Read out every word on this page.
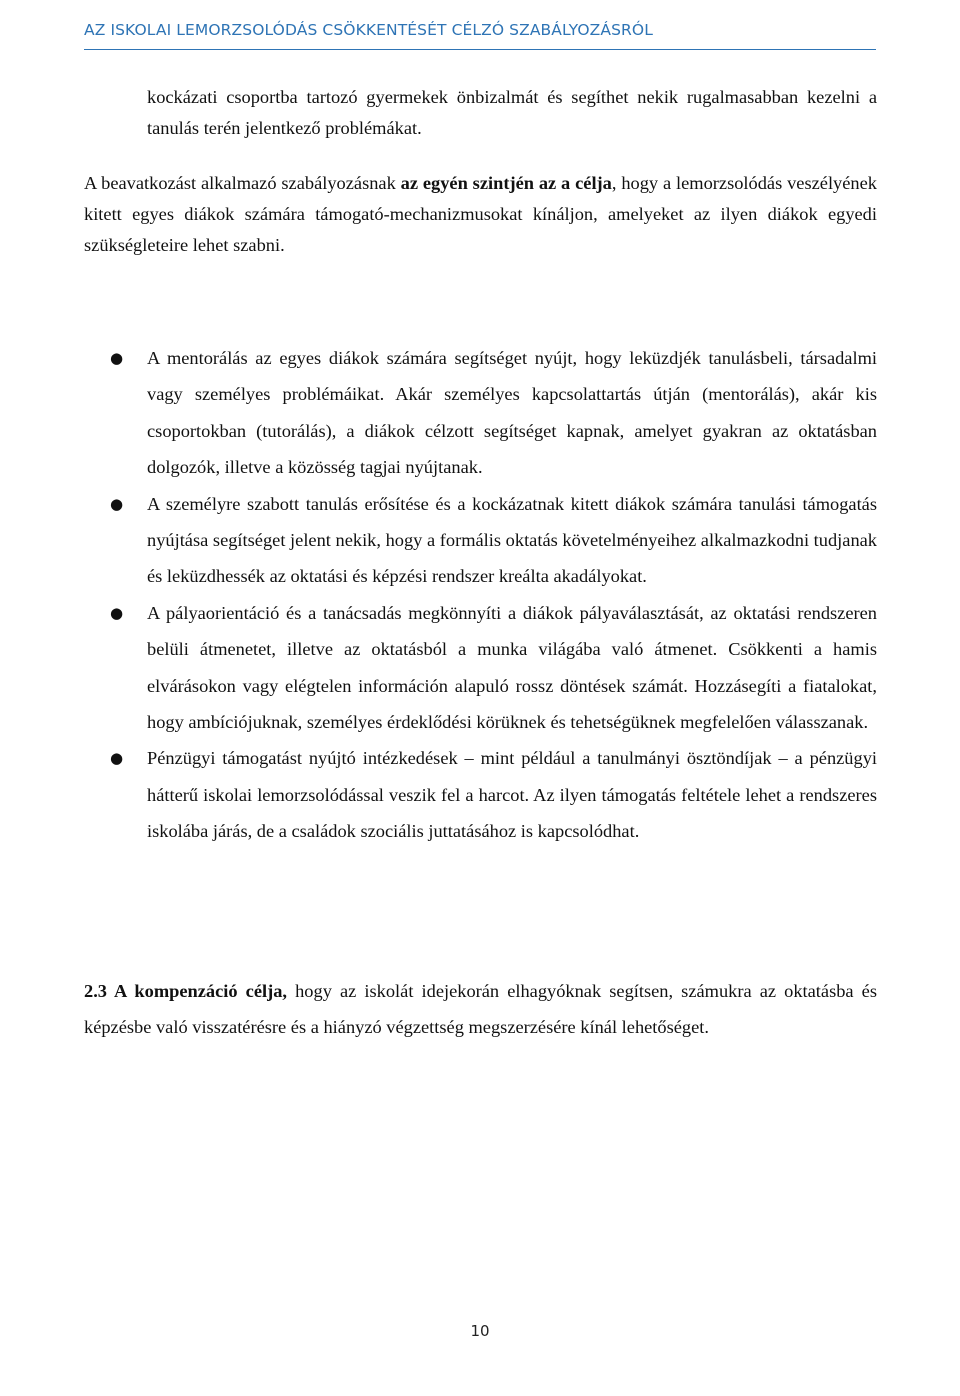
AZ ISKOLAI LEMORZSOLÓDÁS CSÖKKENTÉSÉT CÉLZÓ SZABÁLYOZÁSRÓL

kockázati csoportba tartozó gyermekek önbizalmát és segíthet nekik rugalmasabban kezelni a tanulás terén jelentkező problémákat.

A beavatkozást alkalmazó szabályozásnak az egyén szintjén az a célja, hogy a lemorzsolódás veszélyének kitett egyes diákok számára támogató-mechanizmusokat kínáljon, amelyeket az ilyen diákok egyedi szükségleteire lehet szabni.

● A mentorálás az egyes diákok számára segítséget nyújt, hogy leküzdjék tanulásbeli, társadalmi vagy személyes problémáikat. Akár személyes kapcsolattartás útján (mentorálás), akár kis csoportokban (tutorálás), a diákok célzott segítséget kapnak, amelyet gyakran az oktatásban dolgozók, illetve a közösség tagjai nyújtanak.
● A személyre szabott tanulás erősítése és a kockázatnak kitett diákok számára tanulási támogatás nyújtása segítséget jelent nekik, hogy a formális oktatás követelményeihez alkalmazkodni tudjanak és leküzdhessék az oktatási és képzési rendszer kreálta akadályokat.
● A pályaorientáció és a tanácsadás megkönnyíti a diákok pályaválasztását, az oktatási rendszeren belüli átmenetet, illetve az oktatásból a munka világába való átmenet. Csökkenti a hamis elvárásokon vagy elégtelen információn alapuló rossz döntések számát. Hozzásegíti a fiatalokat, hogy ambíciójuknak, személyes érdeklődési körüknek és tehetségüknek megfelelően válasszanak.
● Pénzügyi támogatást nyújtó intézkedések – mint például a tanulmányi ösztöndíjak – a pénzügyi hátterű iskolai lemorzsolódással veszik fel a harcot. Az ilyen támogatás feltétele lehet a rendszeres iskolába járás, de a családok szociális juttatásához is kapcsolódhat.

2.3 A kompenzáció célja, hogy az iskolát idejekorán elhagyóknak segítsen, számukra az oktatásba és képzésbe való visszatérésre és a hiányzó végzettség megszerzésére kínál lehetőséget.

10
